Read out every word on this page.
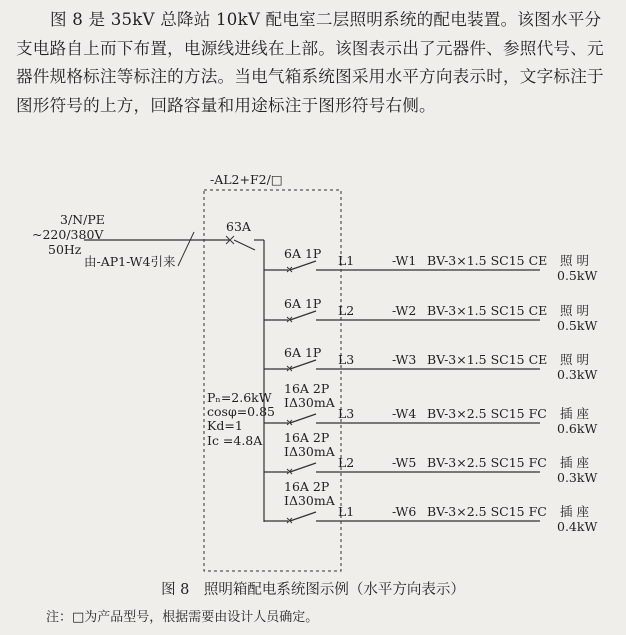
图 8 是 35kV 总降站 10kV 配电室二层照明系统的配电装置。该图水平分支电路自上而下布置，电源线进线在上部。该图表示出了元器件、参照代号、元器件规格标注等标注的方法。当电气箱系统图采用水平方向表示时，文字标注于图形符号的上方，回路容量和用途标注于图形符号右侧。

-AL2+F2/□
3/N/PE
~220/380V
50Hz
由-AP1-W4引来
63A
Pₙ=2.6kW
cosφ=0.85
Kd=1
Ic =4.8A
6A 1P L1	-W1 BV-3×1.5 SC15 CE 照 明
0.5kW
6A 1P L2	-W2 BV-3×1.5 SC15 CE 照 明
0.5kW
6A 1P L3	-W3 BV-3×1.5 SC15 CE 照 明
0.3kW
16A 2P
IΔ30mA
L3	-W4 BV-3×2.5 SC15 FC 插 座
0.6kW
16A 2P
IΔ30mA
L2	-W5 BV-3×2.5 SC15 FC 插 座
0.3kW
16A 2P
IΔ30mA
L1	-W6 BV-3×2.5 SC15 FC 插 座
0.4kW
图 8　照明箱配电系统图示例（水平方向表示）
注：□为产品型号，根据需要由设计人员确定。
